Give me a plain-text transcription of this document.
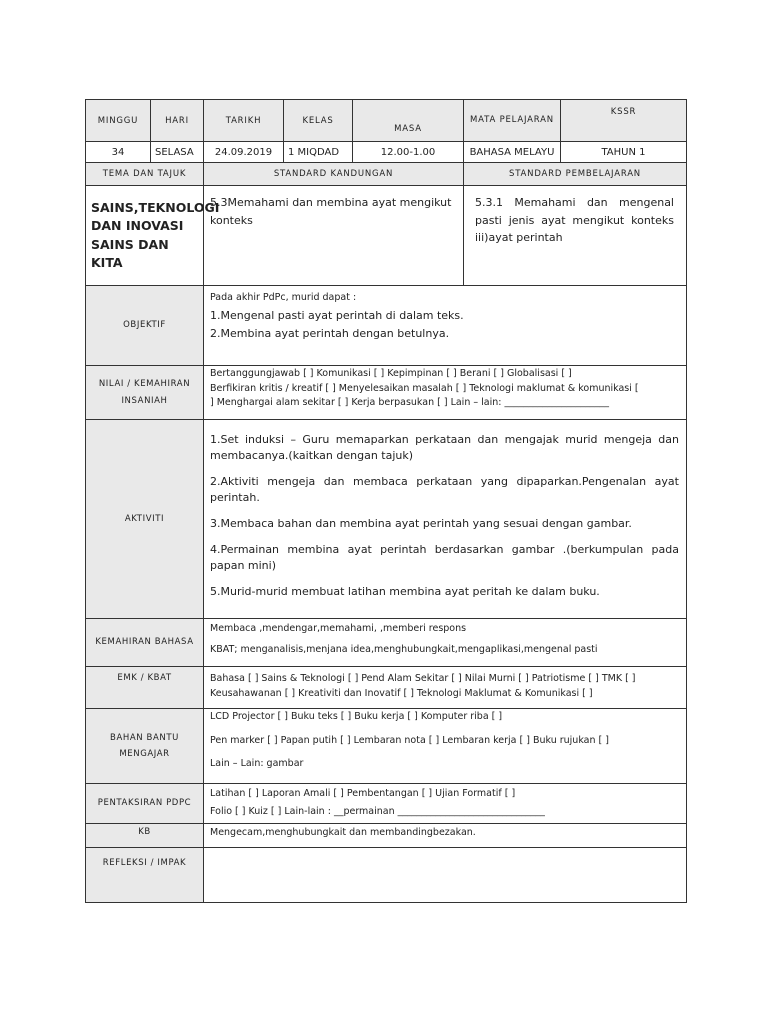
MINGGU	HARI	TARIKH	KELAS	MASA	MATA PELAJARAN	KSSR
34	SELASA	24.09.2019	1 MIQDAD	12.00-1.00	BAHASA MELAYU	TAHUN 1
TEMA DAN TAJUK		STANDARD KANDUNGAN			STANDARD PEMBELAJARAN	

SAINS,TEKNOLOGI
DAN INOVASI
SAINS DAN KITA		5.3Memahami dan membina ayat mengikut konteks			5.3.1 Memahami dan mengenal pasti jenis ayat mengikut konteks iii)ayat perintah	
OBJEKTIF		Pada akhir PdPc, murid dapat :

1.Mengenal pasti ayat perintah di dalam teks.

2.Membina ayat perintah dengan betulnya.				

NILAI / KEMAHIRAN INSANIAH		Bertanggungjawab [ ] Komunikasi [ ] Kepimpinan [ ] Berani [ ] Globalisasi [ ]

Berfikiran kritis / kreatif [ ] Menyelesaikan masalah [ ] Teknologi maklumat & komunikasi [

] Menghargai alam sekitar [ ] Kerja berpasukan [ ] Lain – lain: ______________________				

AKTIVITI		1.Set induksi – Guru memaparkan perkataan dan mengajak murid mengeja dan membacanya.(kaitkan dengan tajuk)

2.Aktiviti mengeja dan membaca perkataan yang dipaparkan.Pengenalan ayat perintah.

3.Membaca bahan dan membina ayat perintah yang sesuai dengan gambar.

4.Permainan membina ayat perintah berdasarkan gambar .(berkumpulan pada papan mini)

5.Murid-murid membuat latihan membina ayat peritah ke dalam buku.				

KEMAHIRAN BAHASA		Membaca ,mendengar,memahami, ,memberi respons

KBAT; menganalisis,menjana idea,menghubungkait,mengaplikasi,mengenal pasti				

EMK / KBAT		Bahasa [ ] Sains & Teknologi [ ] Pend Alam Sekitar [ ] Nilai Murni [ ] Patriotisme [ ] TMK [ ]

Keusahawanan [ ] Kreativiti dan Inovatif [ ] Teknologi Maklumat & Komunikasi [ ]				

BAHAN BANTU MENGAJAR		LCD Projector [ ] Buku teks [ ] Buku kerja [ ] Komputer riba [ ]

Pen marker [ ] Papan putih [ ] Lembaran nota [ ] Lembaran kerja [ ] Buku rujukan [ ]

Lain – Lain: gambar				

PENTAKSIRAN PDPC		Latihan [ ] Laporan Amali [ ] Pembentangan [ ] Ujian Formatif [ ]

Folio [ ] Kuiz [ ] Lain-lain : __permainan _______________________________				

KB		Mengecam,menghubungkait dan membandingbezakan.				
REFLEKSI / IMPAK						
